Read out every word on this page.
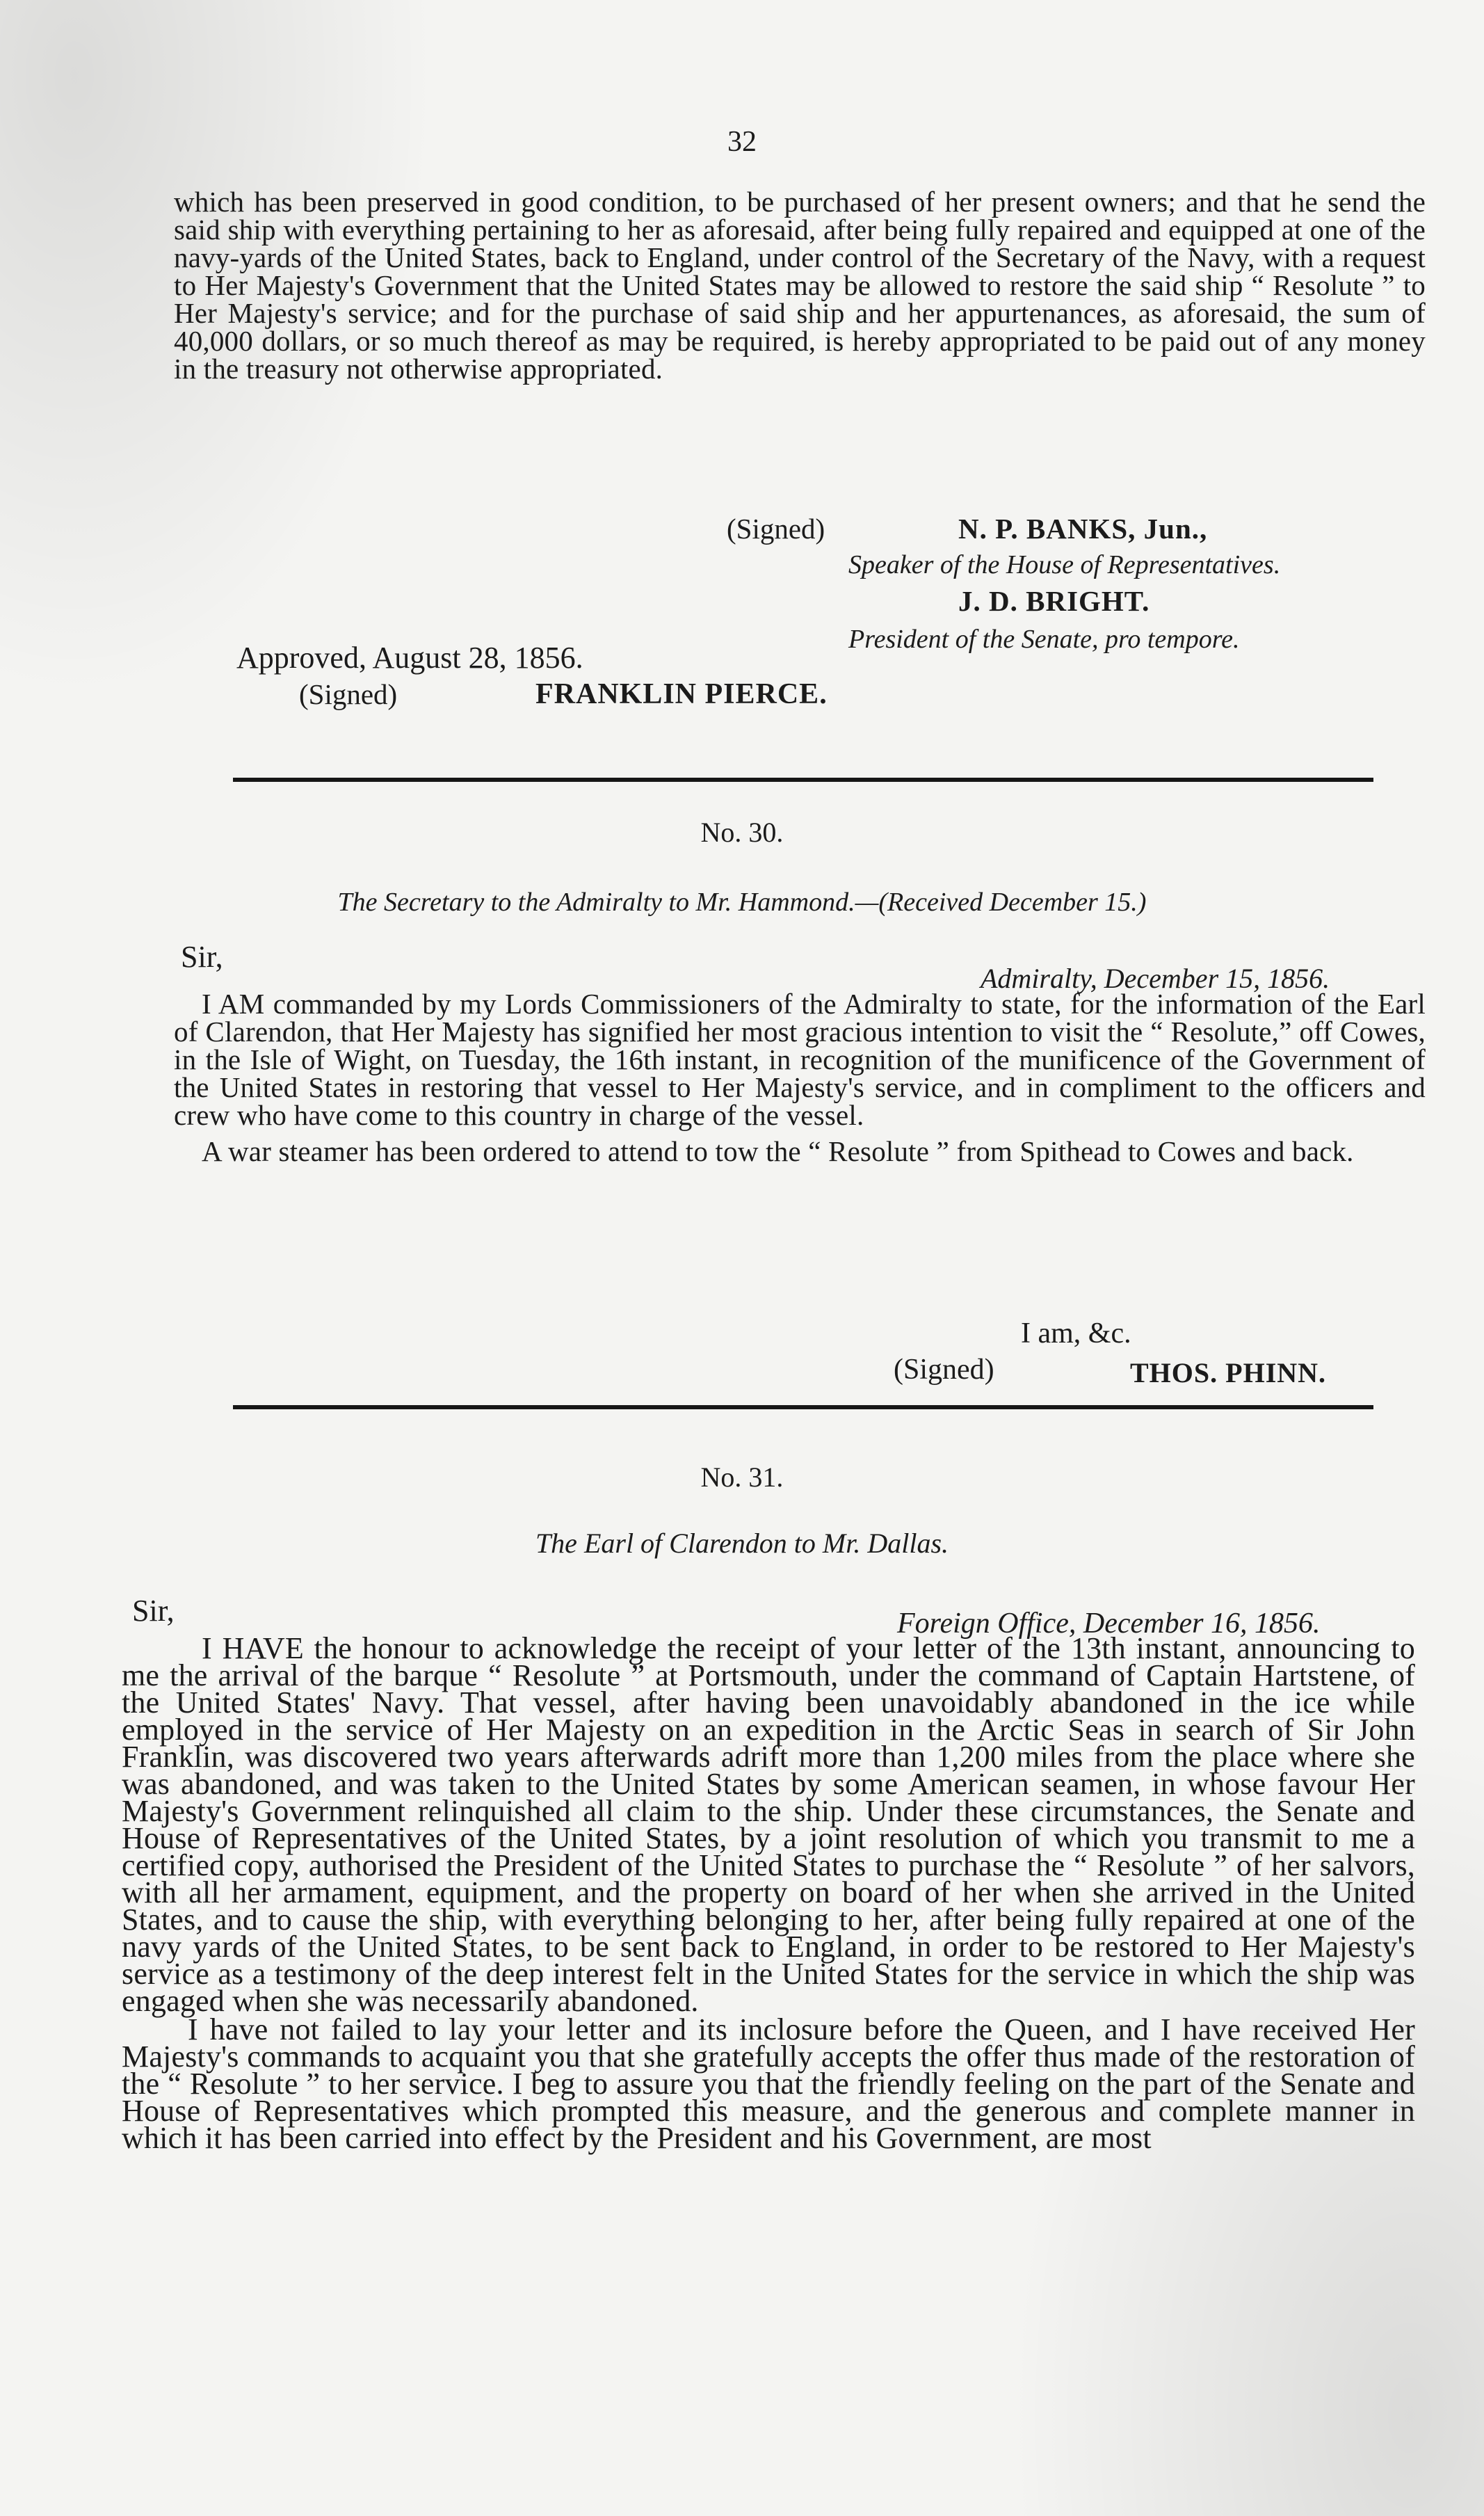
32

which has been preserved in good condition, to be purchased of her present owners; and that he send the said ship with everything pertaining to her as aforesaid, after being fully repaired and equipped at one of the navy-yards of the United States, back to England, under control of the Secretary of the Navy, with a request to Her Majesty's Government that the United States may be allowed to restore the said ship “ Resolute ” to Her Majesty's service; and for the purchase of said ship and her appurtenances, as aforesaid, the sum of 40,000 dollars, or so much thereof as may be required, is hereby appropriated to be paid out of any money in the treasury not otherwise appropriated.

(Signed)	N. P. BANKS, Jun.,
Speaker of the House of Representatives.
J. D. BRIGHT.
President of the Senate, pro tempore.
Approved, August 28, 1856.
(Signed)	FRANKLIN PIERCE.
No. 30.
The Secretary to the Admiralty to Mr. Hammond.—(Received December 15.)
Sir,
Admiralty, December 15, 1856.

I AM commanded by my Lords Commissioners of the Admiralty to state, for the information of the Earl of Clarendon, that Her Majesty has signified her most gracious intention to visit the “ Resolute,” off Cowes, in the Isle of Wight, on Tuesday, the 16th instant, in recognition of the munificence of the Government of the United States in restoring that vessel to Her Majesty's service, and in compliment to the officers and crew who have come to this country in charge of the vessel.

A war steamer has been ordered to attend to tow the “ Resolute ” from Spithead to Cowes and back.

I am, &c.
(Signed)	THOS. PHINN.
No. 31.
The Earl of Clarendon to Mr. Dallas.
Sir,	Foreign Office, December 16, 1856.

I HAVE the honour to acknowledge the receipt of your letter of the 13th instant, announcing to me the arrival of the barque “ Resolute ” at Portsmouth, under the command of Captain Hartstene, of the United States' Navy. That vessel, after having been unavoidably abandoned in the ice while employed in the service of Her Majesty on an expedition in the Arctic Seas in search of Sir John Franklin, was discovered two years afterwards adrift more than 1,200 miles from the place where she was abandoned, and was taken to the United States by some American seamen, in whose favour Her Majesty's Government relinquished all claim to the ship. Under these circumstances, the Senate and House of Representatives of the United States, by a joint resolution of which you transmit to me a certified copy, authorised the President of the United States to purchase the “ Resolute ” of her salvors, with all her armament, equipment, and the property on board of her when she arrived in the United States, and to cause the ship, with everything belonging to her, after being fully repaired at one of the navy yards of the United States, to be sent back to England, in order to be restored to Her Majesty's service as a testimony of the deep interest felt in the United States for the service in which the ship was engaged when she was necessarily abandoned.

I have not failed to lay your letter and its inclosure before the Queen, and I have received Her Majesty's commands to acquaint you that she gratefully accepts the offer thus made of the restoration of the “ Resolute ” to her service. I beg to assure you that the friendly feeling on the part of the Senate and House of Representatives which prompted this measure, and the generous and complete manner in which it has been carried into effect by the President and his Government, are most
